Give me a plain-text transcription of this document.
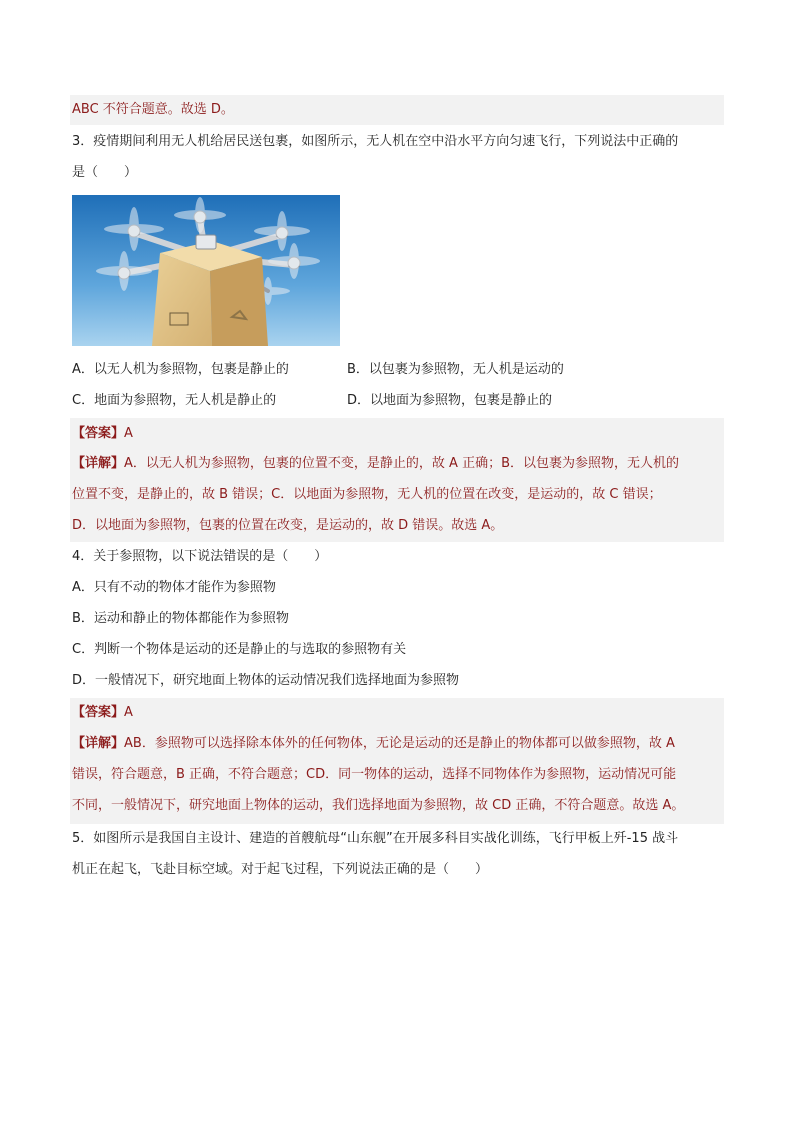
ABC 不符合题意。故选 D。
3．疫情期间利用无人机给居民送包裹，如图所示，无人机在空中沿水平方向匀速飞行，下列说法中正确的
是（　　）
A．以无人机为参照物，包裹是静止的	B．以包裹为参照物，无人机是运动的
C．地面为参照物，无人机是静止的	D．以地面为参照物，包裹是静止的
【答案】A
【详解】A．以无人机为参照物，包裹的位置不变，是静止的，故 A 正确；B．以包裹为参照物，无人机的
位置不变，是静止的，故 B 错误；C．以地面为参照物，无人机的位置在改变，是运动的，故 C 错误；
D．以地面为参照物，包裹的位置在改变，是运动的，故 D 错误。故选 A。
4．关于参照物，以下说法错误的是（　　）
A．只有不动的物体才能作为参照物
B．运动和静止的物体都能作为参照物
C．判断一个物体是运动的还是静止的与选取的参照物有关
D．一般情况下，研究地面上物体的运动情况我们选择地面为参照物
【答案】A
【详解】AB．参照物可以选择除本体外的任何物体，无论是运动的还是静止的物体都可以做参照物，故 A
错误，符合题意，B 正确，不符合题意；CD．同一物体的运动，选择不同物体作为参照物，运动情况可能
不同，一般情况下，研究地面上物体的运动，我们选择地面为参照物，故 CD 正确，不符合题意。故选 A。
5．如图所示是我国自主设计、建造的首艘航母“山东舰”在开展多科目实战化训练，飞行甲板上歼-15 战斗
机正在起飞，飞赴目标空域。对于起飞过程，下列说法正确的是（　　）
